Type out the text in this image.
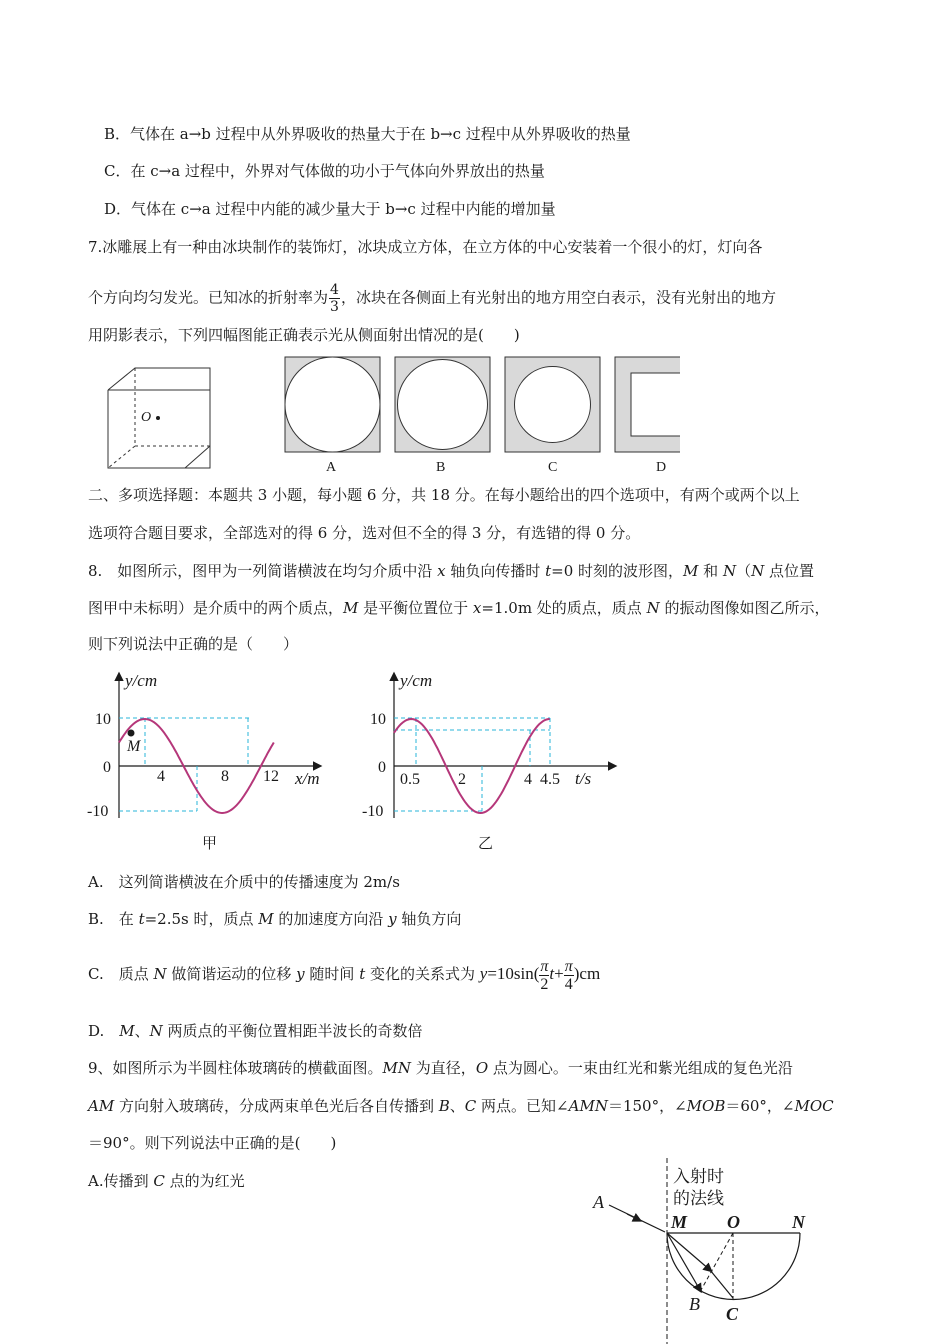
B．气体在 a→b 过程中从外界吸收的热量大于在 b→c 过程中从外界吸收的热量
C．在 c→a 过程中，外界对气体做的功小于气体向外界放出的热量
D．气体在 c→a 过程中内能的减少量大于 b→c 过程中内能的增加量
7.冰雕展上有一种由冰块制作的装饰灯，冰块成立方体，在立方体的中心安装着一个很小的灯，灯向各
个方向均匀发光。已知冰的折射率为 $\frac{4}{3}$ ，冰块在各侧面上有光射出的地方用空白表示，没有光射出的地方
用阴影表示，下列四幅图能正确表示光从侧面射出情况的是(　　)
O
A	B	C	D
二、多项选择题：本题共 3 小题，每小题 6 分，共 18 分。在每小题给出的四个选项中，有两个或两个以上
选项符合题目要求，全部选对的得 6 分，选对但不全的得 3 分，有选错的得 0 分。
8.　如图所示，图甲为一列简谐横波在均匀介质中沿 x 轴负向传播时 t=0 时刻的波形图，M 和 N（N 点位置
图甲中未标明）是介质中的两个质点，M 是平衡位置位于 x=1.0m 处的质点，质点 N 的振动图像如图乙所示，
则下列说法中正确的是（　　）
M
y/cm
10
0
-10
4	8 12 x/m
甲
y/cm
10
0
-10
0.5 2	4 4.5 t/s
乙
A.　这列简谐横波在介质中的传播速度为 2m/s
B.　在 t=2.5s 时，质点 M 的加速度方向沿 y 轴负方向
C.　质点 N 做简谐运动的位移 y 随时间 t 变化的关系式为 $y=10\sin( \frac{\pi}{2} t+ \frac{\pi}{4} )cm$
D.　M、N 两质点的平衡位置相距半波长的奇数倍
9、如图所示为半圆柱体玻璃砖的横截面图。MN 为直径，O 点为圆心。一束由红光和紫光组成的复色光沿
AM 方向射入玻璃砖，分成两束单色光后各自传播到 B、C 两点。已知∠AMN＝150°，∠MOB＝60°，∠MOC
＝90°。则下列说法中正确的是(　　)
A.传播到 C 点的为红光	入射时
的法线
A
M O	N
B C
